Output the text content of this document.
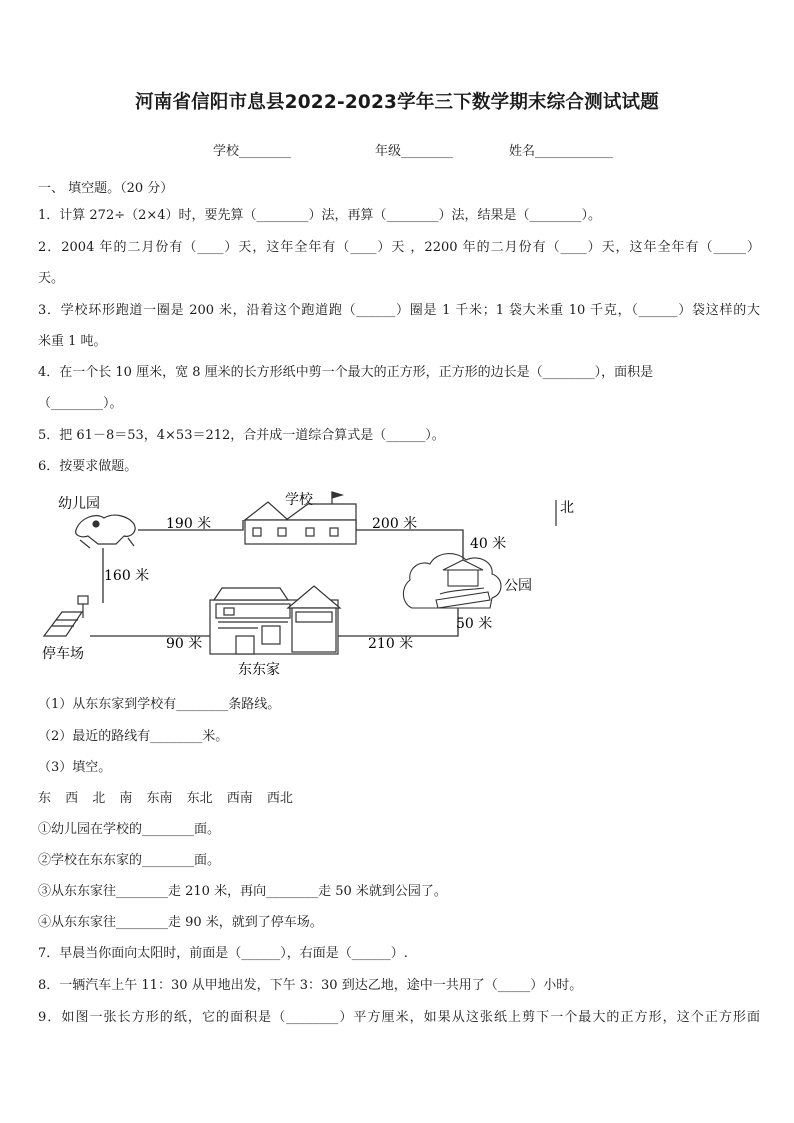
河南省信阳市息县2022-2023学年三下数学期末综合测试试题
学校________	年级________	姓名____________
一、 填空题。（20 分）
1．计算 272÷（2×4）时，要先算（________）法，再算（________）法，结果是（________）。
2．2004 年的二月份有（____）天，这年全年有（____）天 ，2200 年的二月份有（____）天，这年全年有（_____）
天。
3．学校环形跑道一圈是 200 米，沿着这个跑道跑（______）圈是 1 千米；1 袋大米重 10 千克，（______）袋这样的大
米重 1 吨。
4．在一个长 10 厘米，宽 8 厘米的长方形纸中剪一个最大的正方形，正方形的边长是（________），面积是
（________）。
5．把 61－8＝53，4×53＝212，合并成一道综合算式是（______）。
6．按要求做题。
幼儿园	学校	北
公园
停车场
东东家
190 米	200 米
40 米
160 米
90 米	210 米
50 米
（1）从东东家到学校有________条路线。
（2）最近的路线有________米。
（3）填空。
东 西 北 南 东南 东北 西南 西北
①幼儿园在学校的________面。
②学校在东东家的________面。
③从东东家往________走 210 米，再向________走 50 米就到公园了。
④从东东家往________走 90 米，就到了停车场。
7．早晨当你面向太阳时，前面是（______），右面是（______）.
8．一辆汽车上午 11：30 从甲地出发，下午 3：30 到达乙地，途中一共用了（_____）小时。
9．如图一张长方形的纸，它的面积是（________）平方厘米，如果从这张纸上剪下一个最大的正方形，这个正方形面
